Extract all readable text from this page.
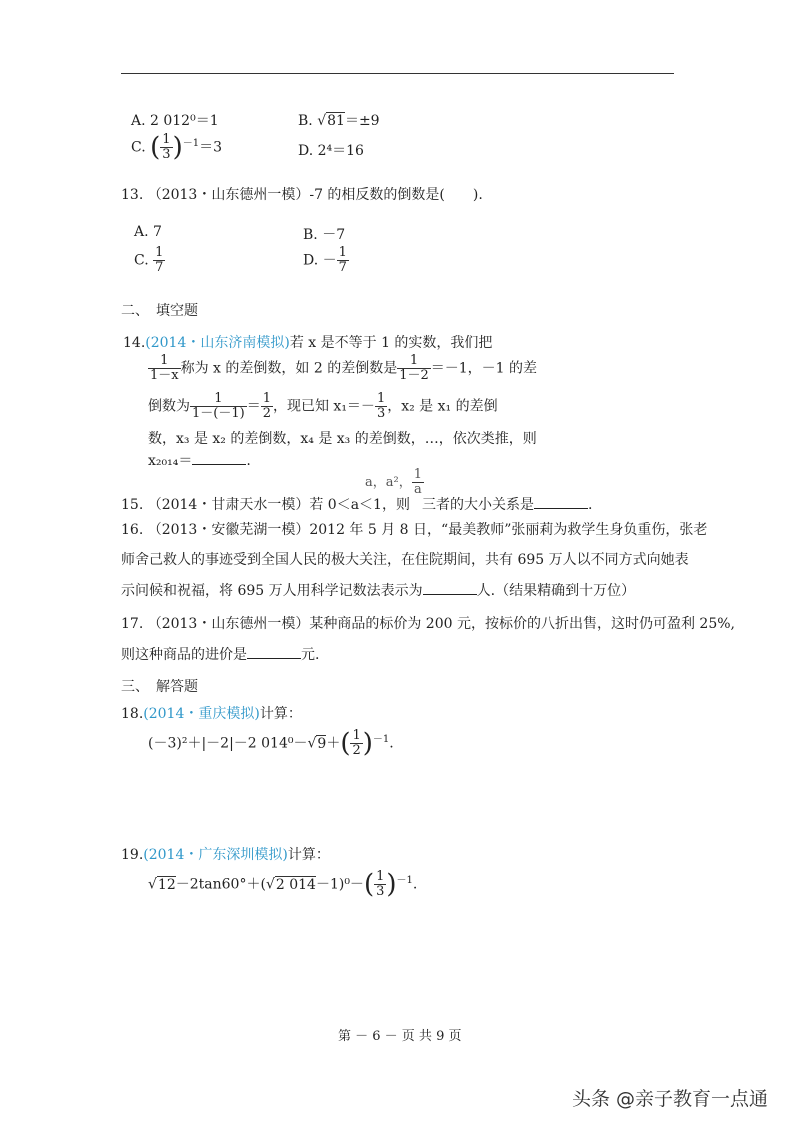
A. 2 012⁰＝1	B. √81＝±9
C. ( $\frac{1}{3} )^{-1}=3$	D. 2⁴＝16
13. （2013・山东德州一模）-7 的相反数的倒数是(　　).
A. 7	B. －7
C. $\frac{1}{7}$	D. － $\frac{1}{7}$
二、　填空题
14.(2014・山东济南模拟)若 x 是不等于 1 的实数，我们把
$\frac{1}{1-x}$ 称为 x 的差倒数，如 2 的差倒数是 $\frac{1}{1-2} =-1$，－1 的差
倒数为 $\frac{1}{1-(-1)} = \frac{1}{2}$ ，现已知 $x_1=- \frac{1}{3}$ ，x₂ 是 x₁ 的差倒
数，x₃ 是 x₂ 的差倒数，x₄ 是 x₃ 的差倒数，…，依次类推，则
x₂₀₁₄＝	.
a，a²， $\frac{1}{a}$
15. （2014・甘肃天水一模）若 0＜a＜1，则 三者的大小关系是	.
16. （2013・安徽芜湖一模）2012 年 5 月 8 日，“最美教师”张丽莉为救学生身负重伤，张老
师舍己救人的事迹受到全国人民的极大关注，在住院期间，共有 695 万人以不同方式向她表
示问候和祝福，将 695 万人用科学记数法表示为	人.（结果精确到十万位）
17. （2013・山东德州一模）某种商品的标价为 200 元，按标价的八折出售，这时仍可盈利 25%,
则这种商品的进价是	元.
三、　解答题
18.(2014・重庆模拟)计算：
(－3)²＋|－2|－2 $014^0-√9+( \frac{1}{2} )^{-1}$.
19.(2014・广东深圳模拟)计算：
√12－2tan60°＋(√2 $014-1)^0-( \frac{1}{3} )^{-1}$.
第 － 6 － 页 共 9 页
头条 @亲子教育一点通
